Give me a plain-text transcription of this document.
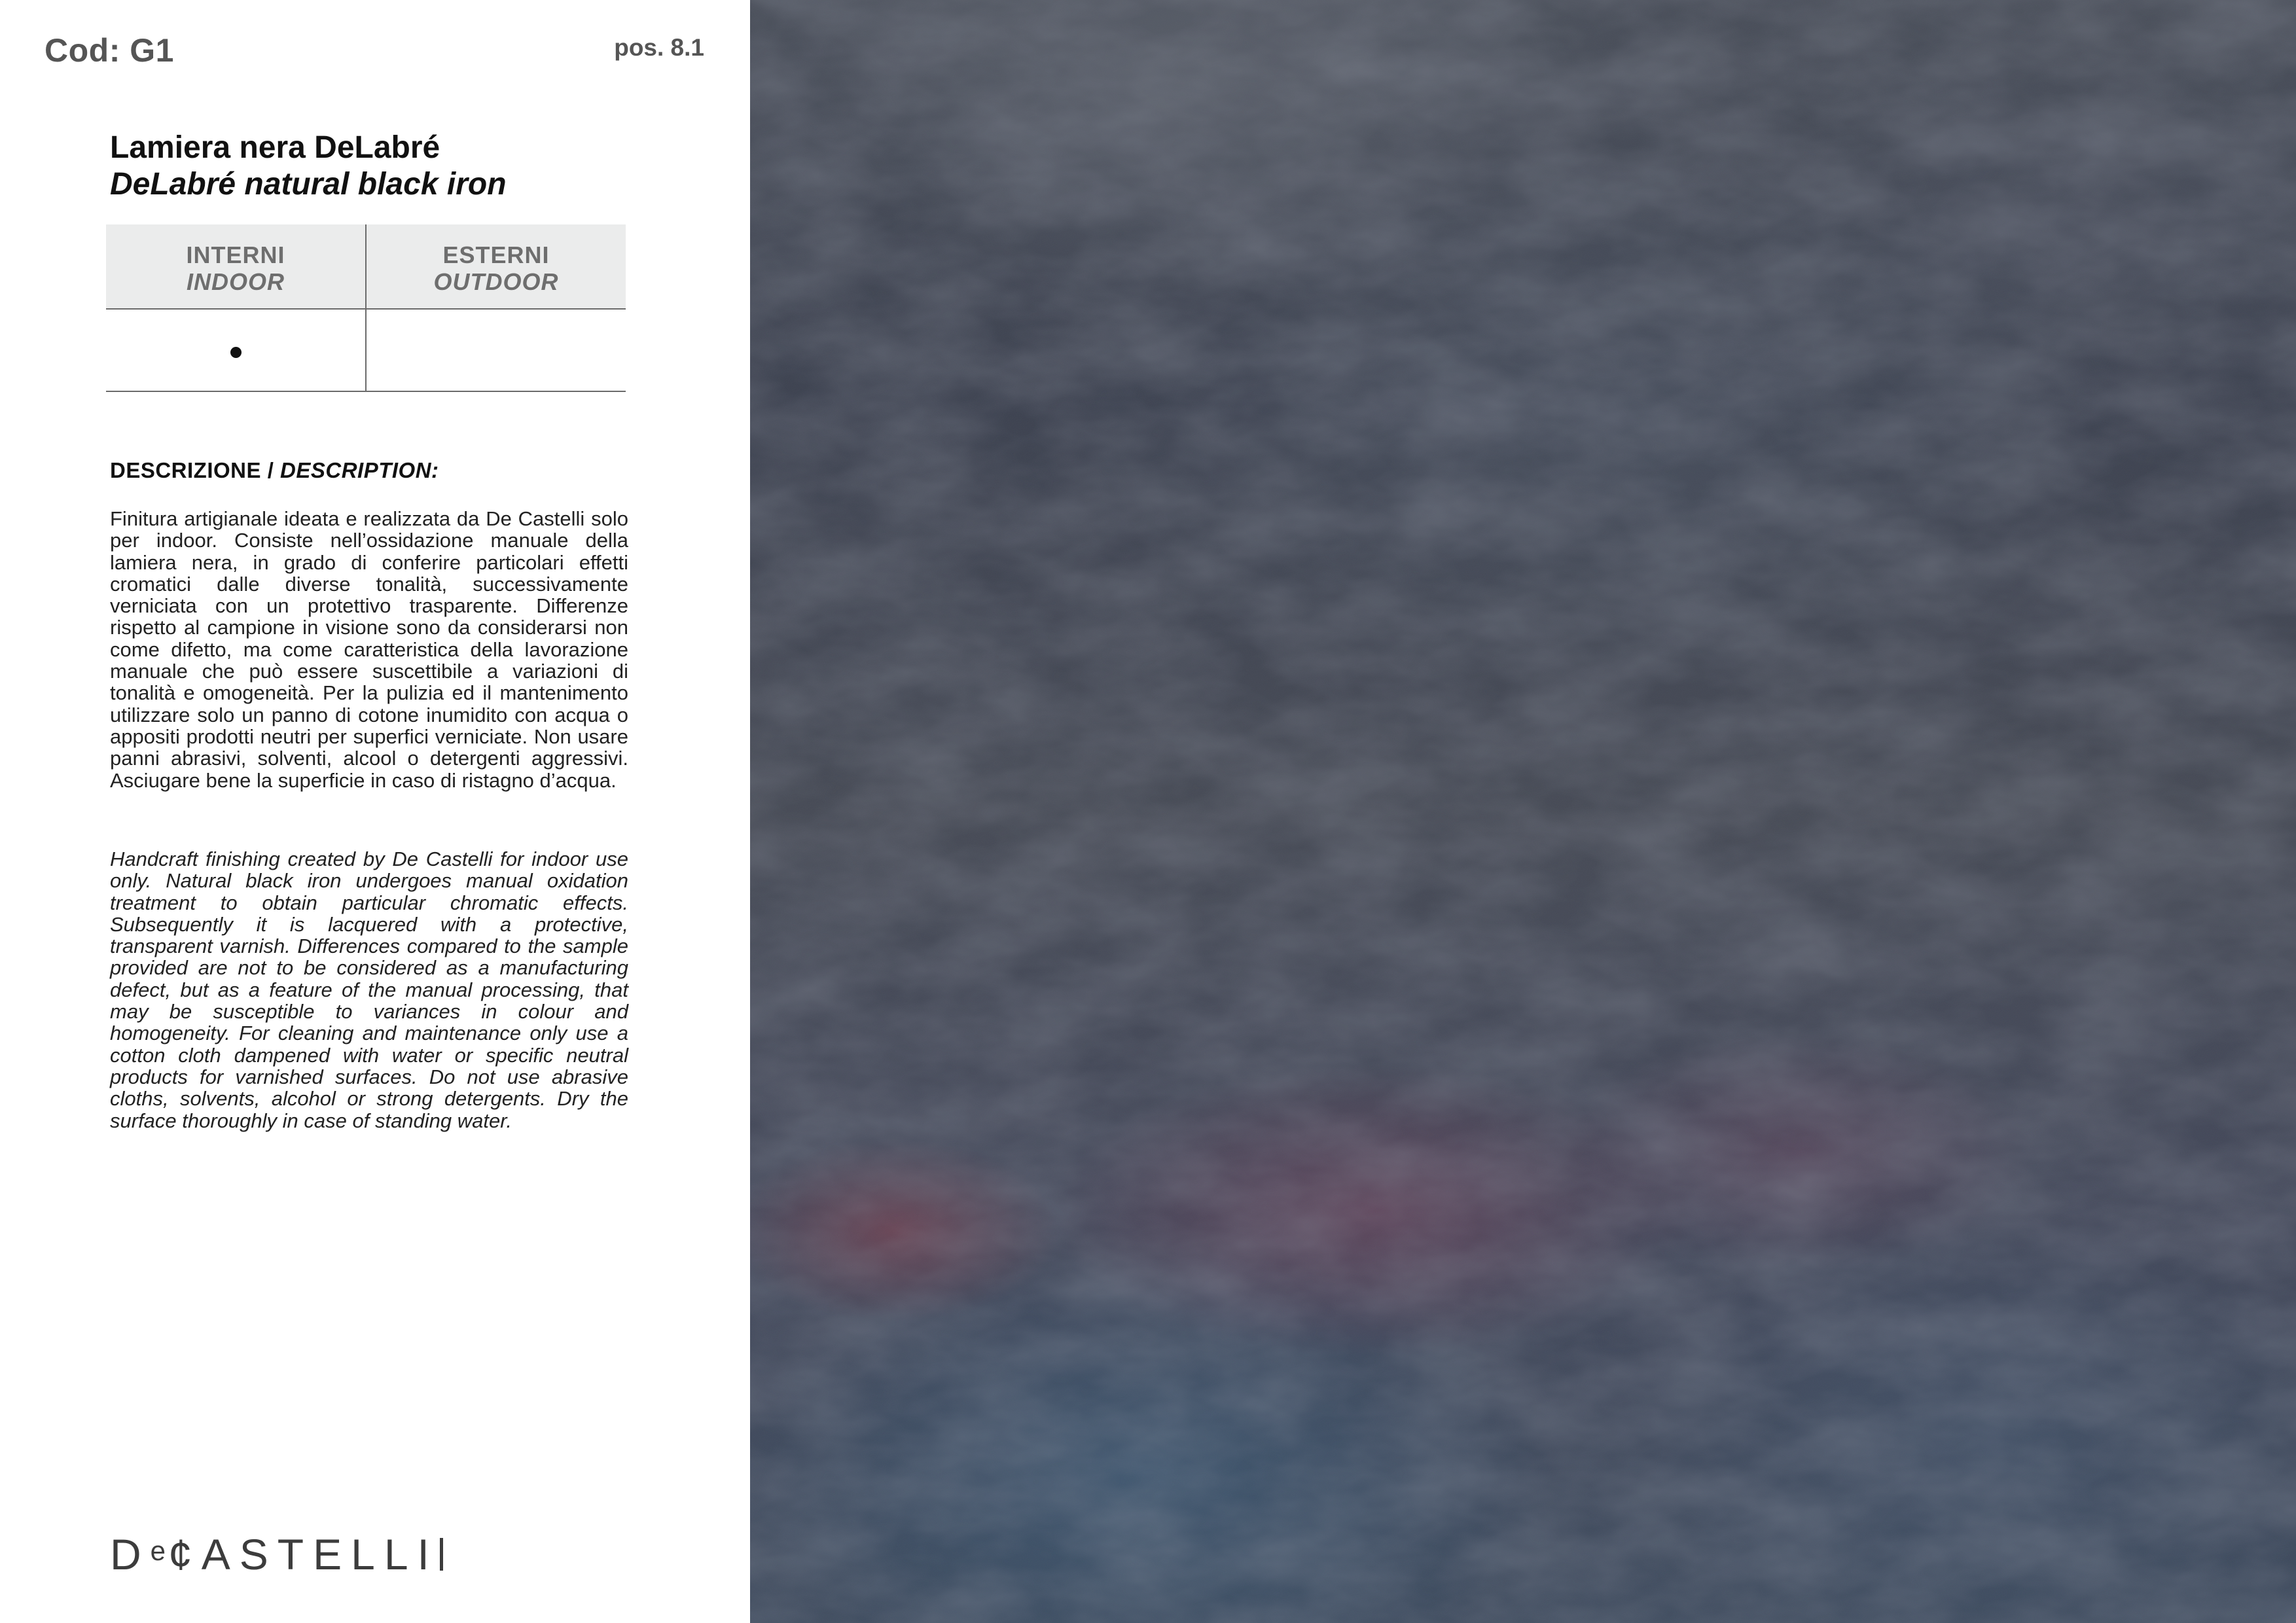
Cod: G1	pos. 8.1
Lamiera nera DeLabré
DeLabré natural black iron
INTERNI
INDOOR
ESTERNI
OUTDOOR
DESCRIZIONE / DESCRIPTION:

Finitura artigianale ideata e realizzata da De Castelli solo per indoor. Consiste nell’ossidazione manuale della lamiera nera, in grado di conferire particolari effetti cromatici dalle diverse tonalità, successivamente verniciata con un protettivo trasparente. Differenze rispetto al campione in visione sono da considerarsi non come difetto, ma come caratteristica della lavorazione manuale che può essere suscettibile a variazioni di tonalità e omogeneità. Per la pulizia ed il mantenimento utilizzare solo un panno di cotone inumidito con acqua o appositi prodotti neutri per superfici verniciate. Non usare panni abrasivi, solventi, alcool o detergenti aggressivi. Asciugare bene la superficie in caso di ristagno d’acqua.

Handcraft finishing created by De Castelli for indoor use only. Natural black iron undergoes manual oxidation treatment to obtain particular chromatic effects. Subsequently it is lacquered with a protective, transparent varnish. Differences compared to the sample provided are not to be considered as a manufacturing defect, but as a feature of the manual processing, that may be susceptible to variances in colour and homogeneity. For cleaning and maintenance only use a cotton cloth dampened with water or specific neutral products for varnished surfaces. Do not use abrasive cloths, solvents, alcohol or strong detergents. Dry the surface thoroughly in case of standing water.

De¢ASTELLI
